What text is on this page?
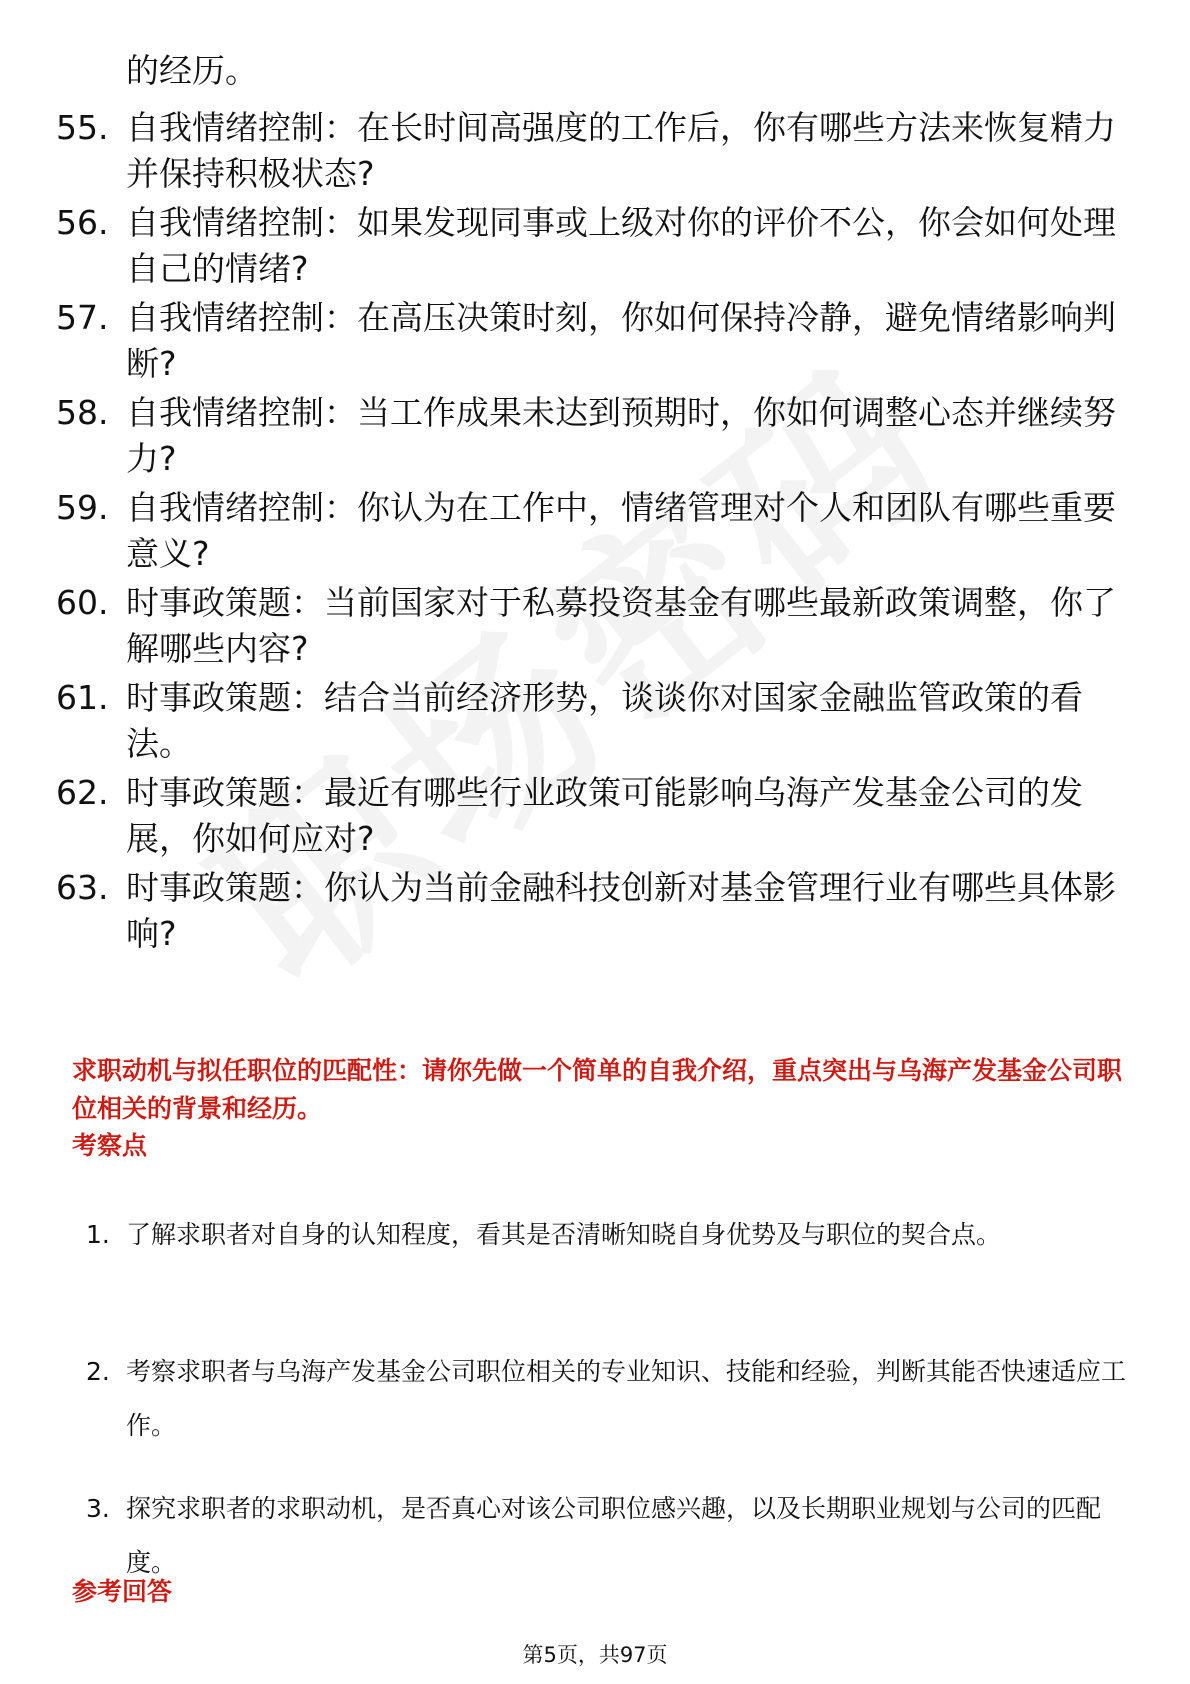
的经历。

55. 自我情绪控制：在长时间高强度的工作后，你有哪些方法来恢复精力并保持积极状态?
56. 自我情绪控制：如果发现同事或上级对你的评价不公，你会如何处理自己的情绪?
57. 自我情绪控制：在高压决策时刻，你如何保持冷静，避免情绪影响判断?
58. 自我情绪控制：当工作成果未达到预期时，你如何调整心态并继续努力?
59. 自我情绪控制：你认为在工作中，情绪管理对个人和团队有哪些重要意义?
60. 时事政策题：当前国家对于私募投资基金有哪些最新政策调整，你了解哪些内容?
61. 时事政策题：结合当前经济形势，谈谈你对国家金融监管政策的看法。
62. 时事政策题：最近有哪些行业政策可能影响乌海产发基金公司的发展，你如何应对?
63. 时事政策题：你认为当前金融科技创新对基金管理行业有哪些具体影响?

求职动机与拟任职位的匹配性：请你先做一个简单的自我介绍，重点突出与乌海产发基金公司职位相关的背景和经历。

考察点

1. 了解求职者对自身的认知程度，看其是否清晰知晓自身优势及与职位的契合点。
2. 考察求职者与乌海产发基金公司职位相关的专业知识、技能和经验，判断其能否快速适应工作。
3. 探究求职者的求职动机，是否真心对该公司职位感兴趣，以及长期职业规划与公司的匹配度。

参考回答

第5页，共97页
